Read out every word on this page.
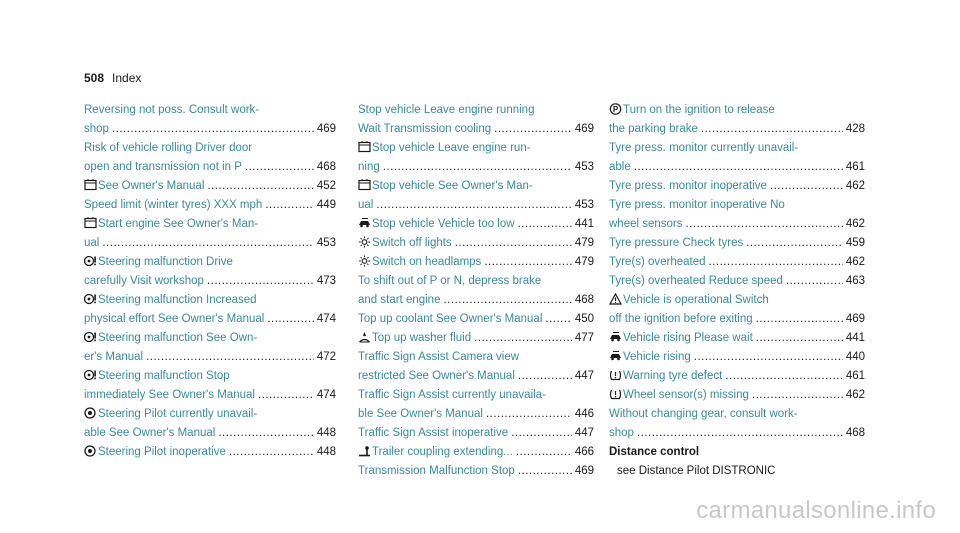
508 Index
Reversing not poss. Consult work-
shop .....	469
Risk of vehicle rolling Driver door
open and transmission not in P .....	468
See Owner's Manual .....	452
Speed limit (winter tyres) XXX mph .....	449
Start engine See Owner's Man-
ual .....	453
Steering malfunction Drive
carefully Visit workshop .....	473
Steering malfunction Increased
physical effort See Owner's Manual .....	474
Steering malfunction See Own-
er's Manual .....	472
Steering malfunction Stop
immediately See Owner's Manual .....	474
Steering Pilot currently unavail-
able See Owner's Manual .....	448
Steering Pilot inoperative .....	448
Stop vehicle Leave engine running
Wait Transmission cooling .....	469
Stop vehicle Leave engine run-
ning .....	453
Stop vehicle See Owner's Man-
ual .....	453
Stop vehicle Vehicle too low .....	441
Switch off lights .....	479
Switch on headlamps .....	479
To shift out of P or N, depress brake
and start engine .....	468
Top up coolant See Owner's Manual .....	450
Top up washer fluid .....	477
Traffic Sign Assist Camera view
restricted See Owner's Manual .....	447
Traffic Sign Assist currently unavaila-
ble See Owner's Manual .....	446
Traffic Sign Assist inoperative .....	447
Trailer coupling extending... .....	466
Transmission Malfunction Stop .....	469
P Turn on the ignition to release
the parking brake .....	428
Tyre press. monitor currently unavail-
able .....	461
Tyre press. monitor inoperative .....	462
Tyre press. monitor inoperative No
wheel sensors .....	462
Tyre pressure Check tyres .....	459
Tyre(s) overheated .....	462
Tyre(s) overheated Reduce speed .....	463
Vehicle is operational Switch
off the ignition before exiting .....	469
Vehicle rising Please wait .....	441
Vehicle rising .....	440
Warning tyre defect .....	461
Wheel sensor(s) missing .....	462
Without changing gear, consult work-
shop .....	468
Distance control
see Distance Pilot DISTRONIC
carmanualsonline.info
